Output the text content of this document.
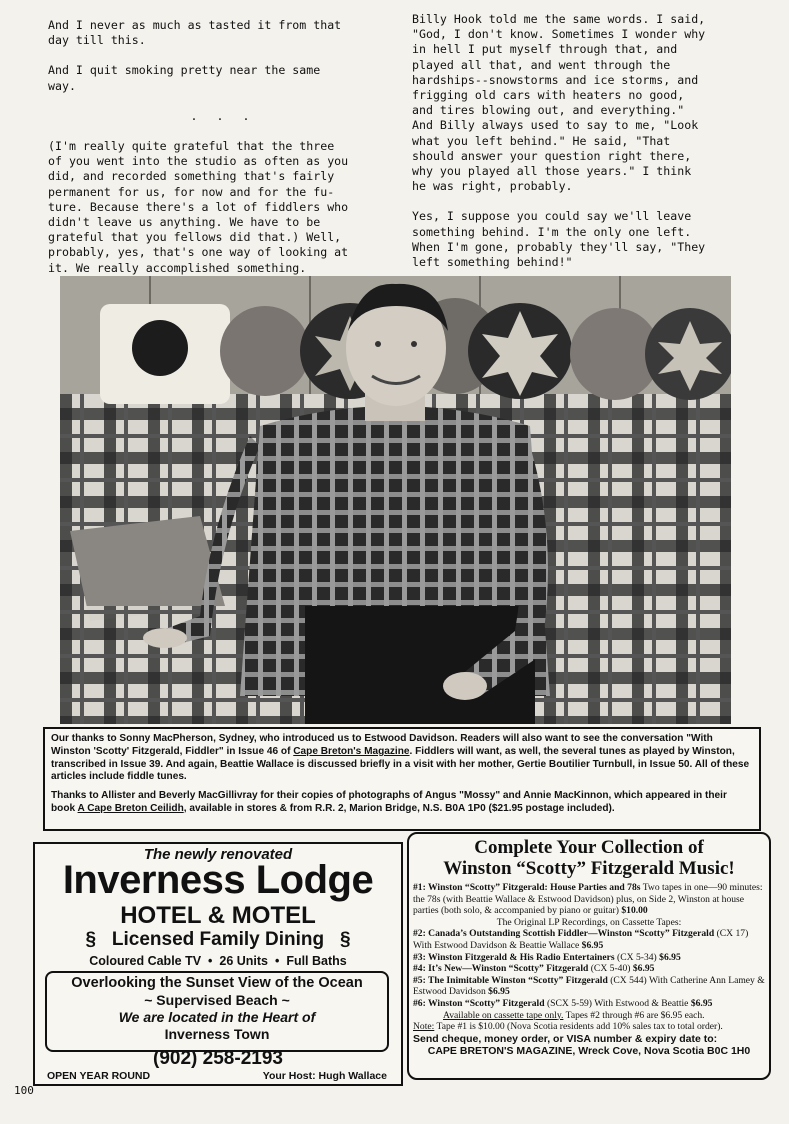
And I never as much as tasted it from that
day till this.

And I quit smoking pretty near the same
way.

. . .

(I'm really quite grateful that the three
of you went into the studio as often as you
did, and recorded something that's fairly
permanent for us, for now and for the fu-
ture. Because there's a lot of fiddlers who
didn't leave us anything. We have to be
grateful that you fellows did that.) Well,
probably, yes, that's one way of looking at
it. We really accomplished something.

Billy Hook told me the same words. I said,
"God, I don't know. Sometimes I wonder why
in hell I put myself through that, and
played all that, and went through the
hardships--snowstorms and ice storms, and
frigging old cars with heaters no good,
and tires blowing out, and everything."
And Billy always used to say to me, "Look
what you left behind." He said, "That
should answer your question right there,
why you played all those years." I think
he was right, probably.

Yes, I suppose you could say we'll leave
something behind. I'm the only one left.
When I'm gone, probably they'll say, "They
left something behind!"

Our thanks to Sonny MacPherson, Sydney, who introduced us to Estwood Davidson. Readers will also want to see the conversation "With Winston 'Scotty' Fitzgerald, Fiddler" in Issue 46 of Cape Breton's Magazine. Fiddlers will want, as well, the several tunes as played by Winston, transcribed in Issue 39. And again, Beattie Wallace is discussed briefly in a visit with her mother, Gertie Boutilier Turnbull, in Issue 50. All of these articles include fiddle tunes.

Thanks to Allister and Beverly MacGillivray for their copies of photographs of Angus "Mossy" and Annie MacKinnon, which appeared in their book A Cape Breton Ceilidh, available in stores & from R.R. 2, Marion Bridge, N.S. B0A 1P0 ($21.95 postage included).

The newly renovated
Inverness Lodge
HOTEL & MOTEL
§ Licensed Family Dining §
Coloured Cable TV • 26 Units • Full Baths
Overlooking the Sunset View of the Ocean
~ Supervised Beach ~
We are located in the Heart of
Inverness Town
(902) 258-2193
OPEN YEAR ROUND	Your Host: Hugh Wallace
Complete Your Collection of
Winston “Scotty” Fitzgerald Music!

#1: Winston “Scotty” Fitzgerald: House Parties and 78s Two tapes in one—90 minutes: the 78s (with Beattie Wallace & Estwood Davidson) plus, on Side 2, Winston at house parties (both solo, & accompanied by piano or guitar) $10.00

The Original LP Recordings, on Cassette Tapes:

#2: Canada’s Outstanding Scottish Fiddler—Winston “Scotty” Fitzgerald (CX 17) With Estwood Davidson & Beattie Wallace $6.95

#3: Winston Fitzgerald & His Radio Entertainers (CX 5-34) $6.95

#4: It’s New—Winston “Scotty” Fitzgerald (CX 5-40) $6.95

#5: The Inimitable Winston “Scotty” Fitzgerald (CX 544) With Catherine Ann Lamey & Estwood Davidson $6.95

#6: Winston “Scotty” Fitzgerald (SCX 5-59) With Estwood & Beattie $6.95

Available on cassette tape only. Tapes #2 through #6 are $6.95 each.

Note: Tape #1 is $10.00 (Nova Scotia residents add 10% sales tax to total order).

Send cheque, money order, or VISA number & expiry date to:

CAPE BRETON'S MAGAZINE, Wreck Cove, Nova Scotia B0C 1H0

100
